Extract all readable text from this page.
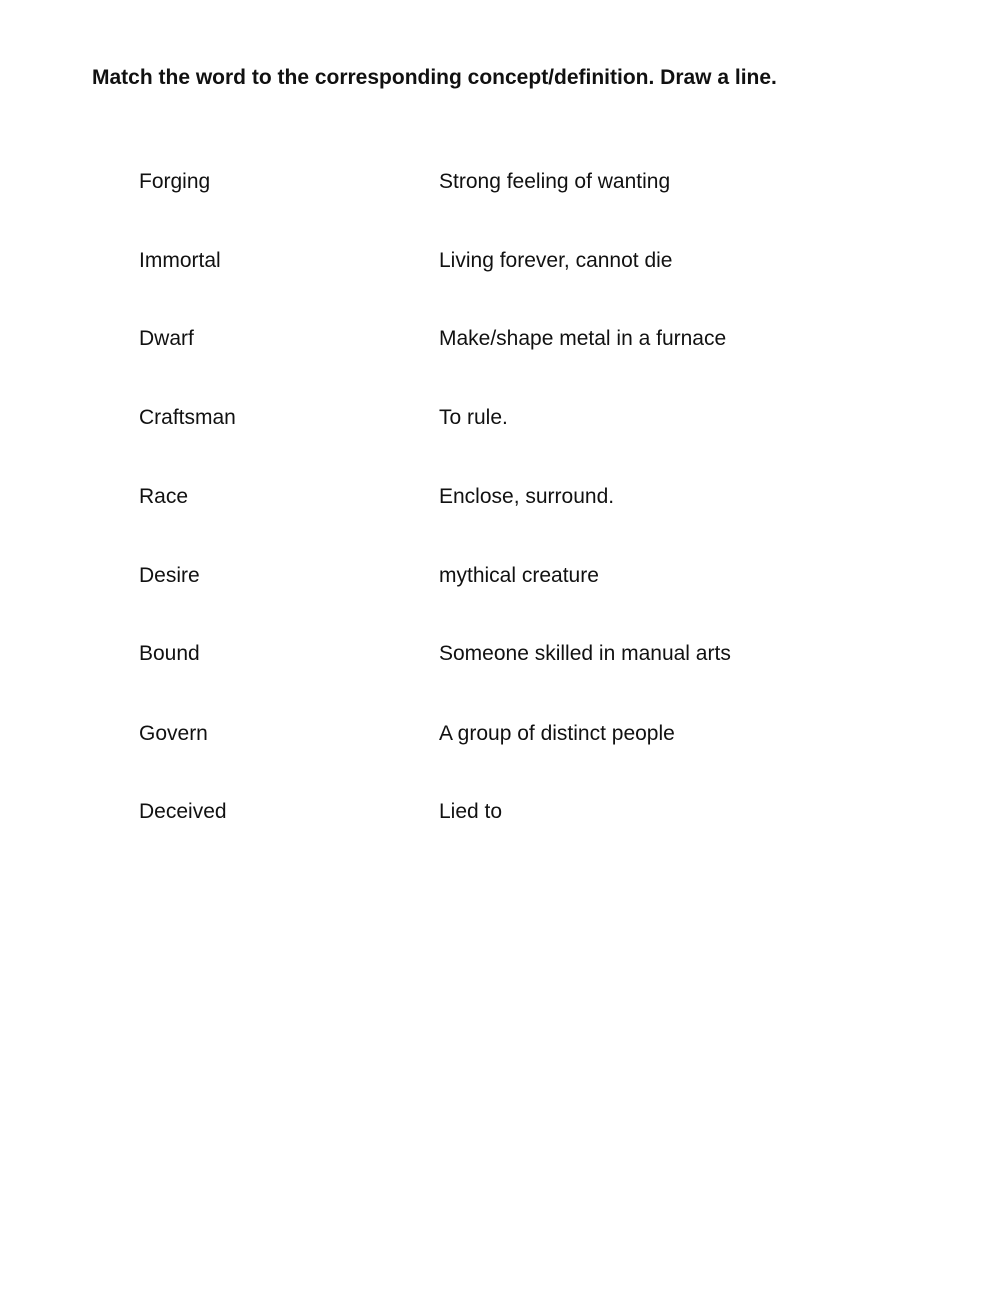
Match the word to the corresponding concept/definition. Draw a line.
Forging	Strong feeling of wanting
Immortal	Living forever, cannot die
Dwarf	Make/shape metal in a furnace
Craftsman	To rule.
Race	Enclose, surround.
Desire	mythical creature
Bound	Someone skilled in manual arts
Govern	A group of distinct people
Deceived	Lied to
